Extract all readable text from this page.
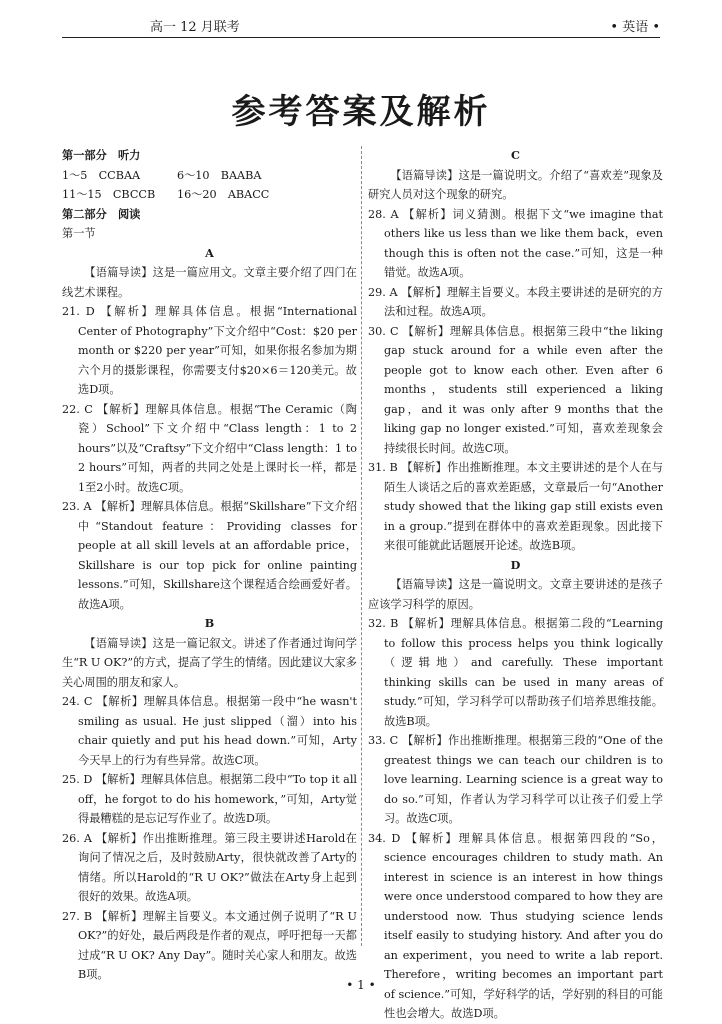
高一 12 月联考	• 英语 •
参考答案及解析

第一部分　听力

1～5　CCBAA	6～10　BAABA
11～15　CBCCB	16～20　ABACC

第二部分　阅读

第一节

A

【语篇导读】这是一篇应用文。文章主要介绍了四门在线艺术课程。

21. D 【解析】理解具体信息。根据“International Center of Photography”下文介绍中“Cost：$20 per month or $220 per year”可知，如果你报名参加为期六个月的摄影课程，你需要支付$20×6＝120美元。故选D项。

22. C 【解析】理解具体信息。根据“The Ceramic（陶瓷）School”下文介绍中“Class length：1 to 2 hours”以及“Craftsy”下文介绍中“Class length：1 to 2 hours”可知，两者的共同之处是上课时长一样，都是1至2小时。故选C项。

23. A 【解析】理解具体信息。根据“Skillshare”下文介绍中“Standout feature：Providing classes for people at all skill levels at an affordable price，Skillshare is our top pick for online painting lessons.”可知，Skillshare这个课程适合绘画爱好者。故选A项。

B

【语篇导读】这是一篇记叙文。讲述了作者通过询问学生“R U OK?”的方式，提高了学生的情绪。因此建议大家多关心周围的朋友和家人。

24. C 【解析】理解具体信息。根据第一段中“he wasn't smiling as usual. He just slipped（溜）into his chair quietly and put his head down.”可知，Arty今天早上的行为有些异常。故选C项。

25. D 【解析】理解具体信息。根据第二段中“To top it all off，he forgot to do his homework，”可知，Arty觉得最糟糕的是忘记写作业了。故选D项。

26. A 【解析】作出推断推理。第三段主要讲述Harold在询问了情况之后，及时鼓励Arty，很快就改善了Arty的情绪。所以Harold的“R U OK?”做法在Arty身上起到很好的效果。故选A项。

27. B 【解析】理解主旨要义。本文通过例子说明了“R U OK?”的好处，最后两段是作者的观点，呼吁把每一天都过成“R U OK? Any Day”。随时关心家人和朋友。故选B项。

C

【语篇导读】这是一篇说明文。介绍了“喜欢差”现象及研究人员对这个现象的研究。

28. A 【解析】词义猜测。根据下文“we imagine that others like us less than we like them back，even though this is often not the case.”可知，这是一种错觉。故选A项。

29. A 【解析】理解主旨要义。本段主要讲述的是研究的方法和过程。故选A项。

30. C 【解析】理解具体信息。根据第三段中“the liking gap stuck around for a while even after the people got to know each other. Even after 6 months，students still experienced a liking gap，and it was only after 9 months that the liking gap no longer existed.”可知，喜欢差现象会持续很长时间。故选C项。

31. B 【解析】作出推断推理。本文主要讲述的是个人在与陌生人谈话之后的喜欢差距感，文章最后一句“Another study showed that the liking gap still exists even in a group.”提到在群体中的喜欢差距现象。因此接下来很可能就此话题展开论述。故选B项。

D

【语篇导读】这是一篇说明文。文章主要讲述的是孩子应该学习科学的原因。

32. B 【解析】理解具体信息。根据第二段的“Learning to follow this process helps you think logically（逻辑地）and carefully. These important thinking skills can be used in many areas of study.”可知，学习科学可以帮助孩子们培养思维技能。故选B项。

33. C 【解析】作出推断推理。根据第三段的“One of the greatest things we can teach our children is to love learning. Learning science is a great way to do so.”可知，作者认为学习科学可以让孩子们爱上学习。故选C项。

34. D 【解析】理解具体信息。根据第四段的“So，science encourages children to study math. An interest in science is an interest in how things were once understood compared to how they are understood now. Thus studying science lends itself easily to studying history. And after you do an experiment，you need to write a lab report. Therefore，writing becomes an important part of science.”可知，学好科学的话，学好别的科目的可能性也会增大。故选D项。

• 1 •
